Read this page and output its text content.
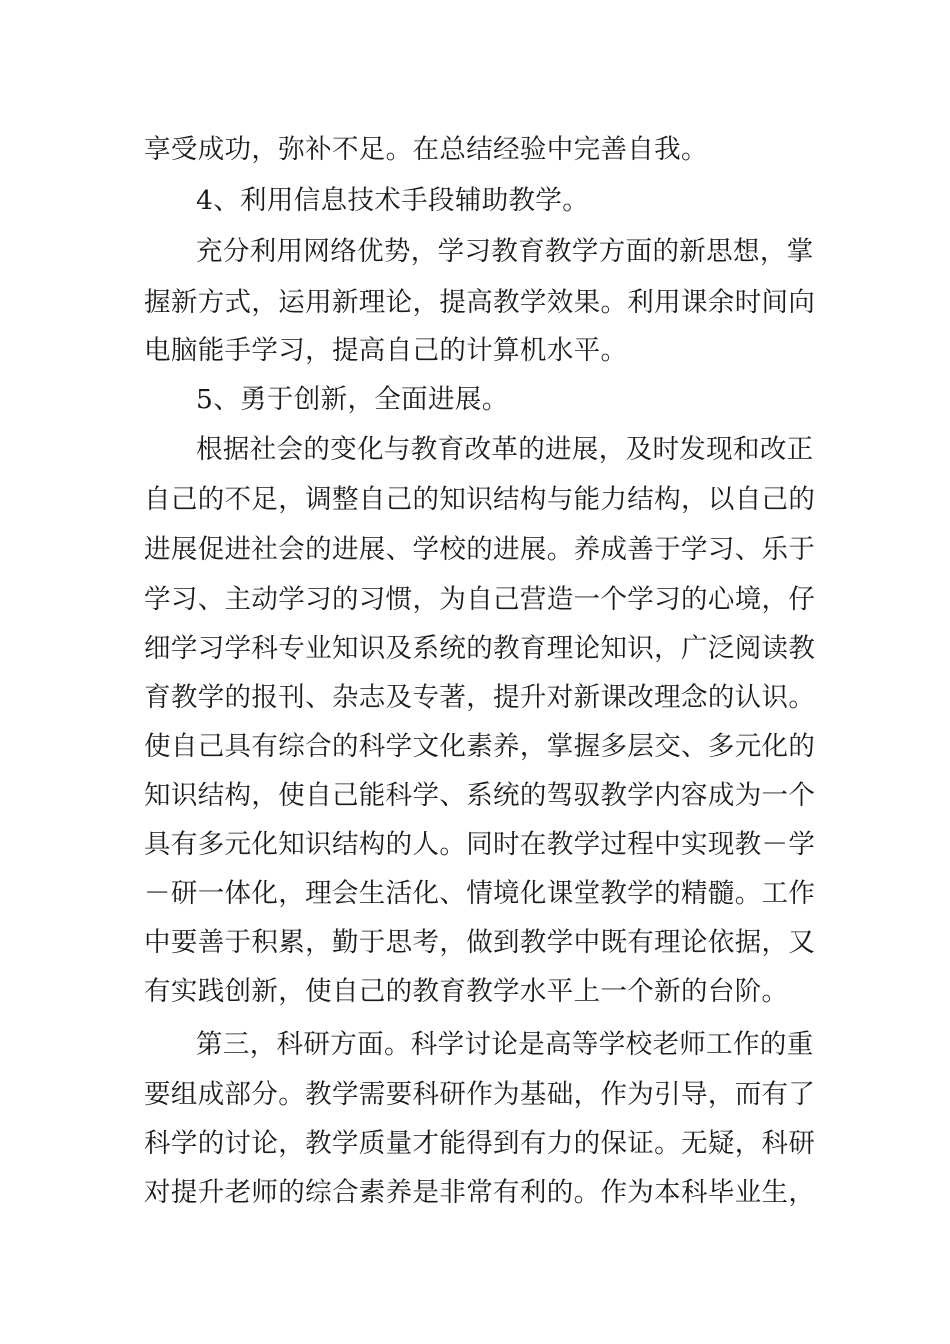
享受成功，弥补不足。在总结经验中完善自我。
4、利用信息技术手段辅助教学。
充分利用网络优势，学习教育教学方面的新思想，掌
握新方式，运用新理论，提高教学效果。利用课余时间向
电脑能手学习，提高自己的计算机水平。
5、勇于创新，全面进展。
根据社会的变化与教育改革的进展，及时发现和改正
自己的不足，调整自己的知识结构与能力结构，以自己的
进展促进社会的进展、学校的进展。养成善于学习、乐于
学习、主动学习的习惯，为自己营造一个学习的心境，仔
细学习学科专业知识及系统的教育理论知识，广泛阅读教
育教学的报刊、杂志及专著，提升对新课改理念的认识。
使自己具有综合的科学文化素养，掌握多层交、多元化的
知识结构，使自己能科学、系统的驾驭教学内容成为一个
具有多元化知识结构的人。同时在教学过程中实现教－学
－研一体化，理会生活化、情境化课堂教学的精髓。工作
中要善于积累，勤于思考，做到教学中既有理论依据，又
有实践创新，使自己的教育教学水平上一个新的台阶。
第三，科研方面。科学讨论是高等学校老师工作的重
要组成部分。教学需要科研作为基础，作为引导，而有了
科学的讨论，教学质量才能得到有力的保证。无疑，科研
对提升老师的综合素养是非常有利的。作为本科毕业生，
